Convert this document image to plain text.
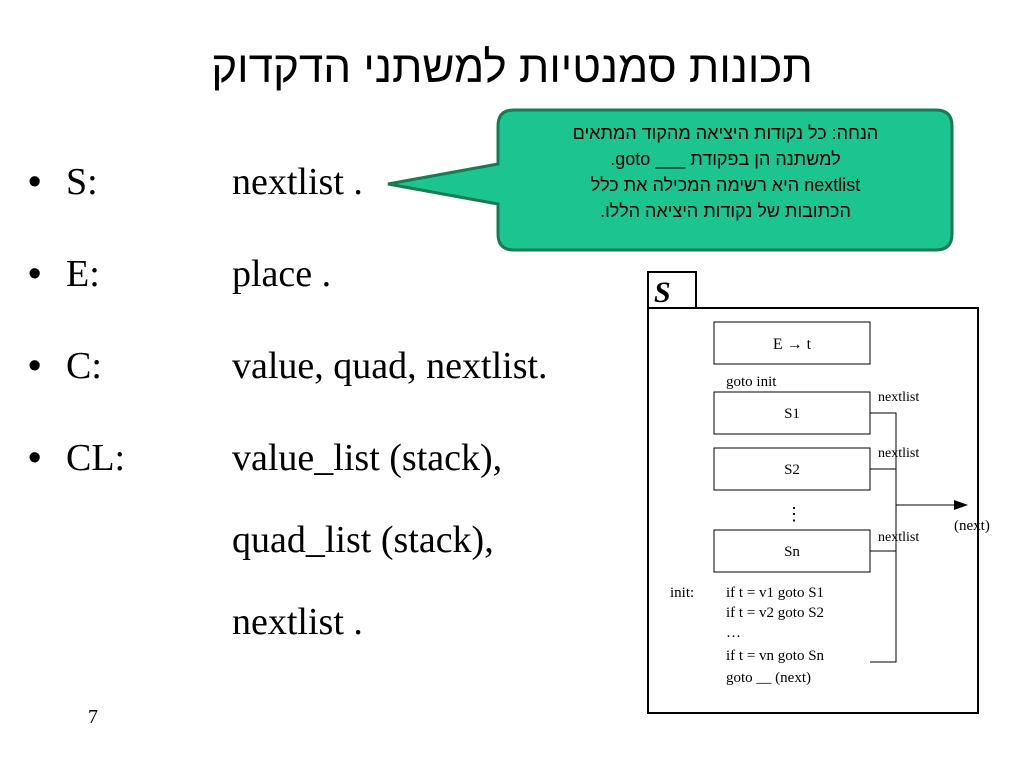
תכונות סמנטיות למשתני הדקדוק
• S:	nextlist .
• E:	place .
• C:	value, quad, nextlist.
• CL:	value_list (stack),
quad_list (stack),
nextlist .
הנחה: כל נקודות היציאה מהקוד המתאים
למשתנה הן בפקודת ___ goto.
nextlist היא רשימה המכילה את כלל
הכתובות של נקודות היציאה הללו.
S
E → t
goto init
S1
S2
⋮
Sn
nextlist
nextlist
nextlist
(next)
init: if t = v1 goto S1
if t = v2 goto S2
…
if t = vn goto Sn
goto __ (next)
7
